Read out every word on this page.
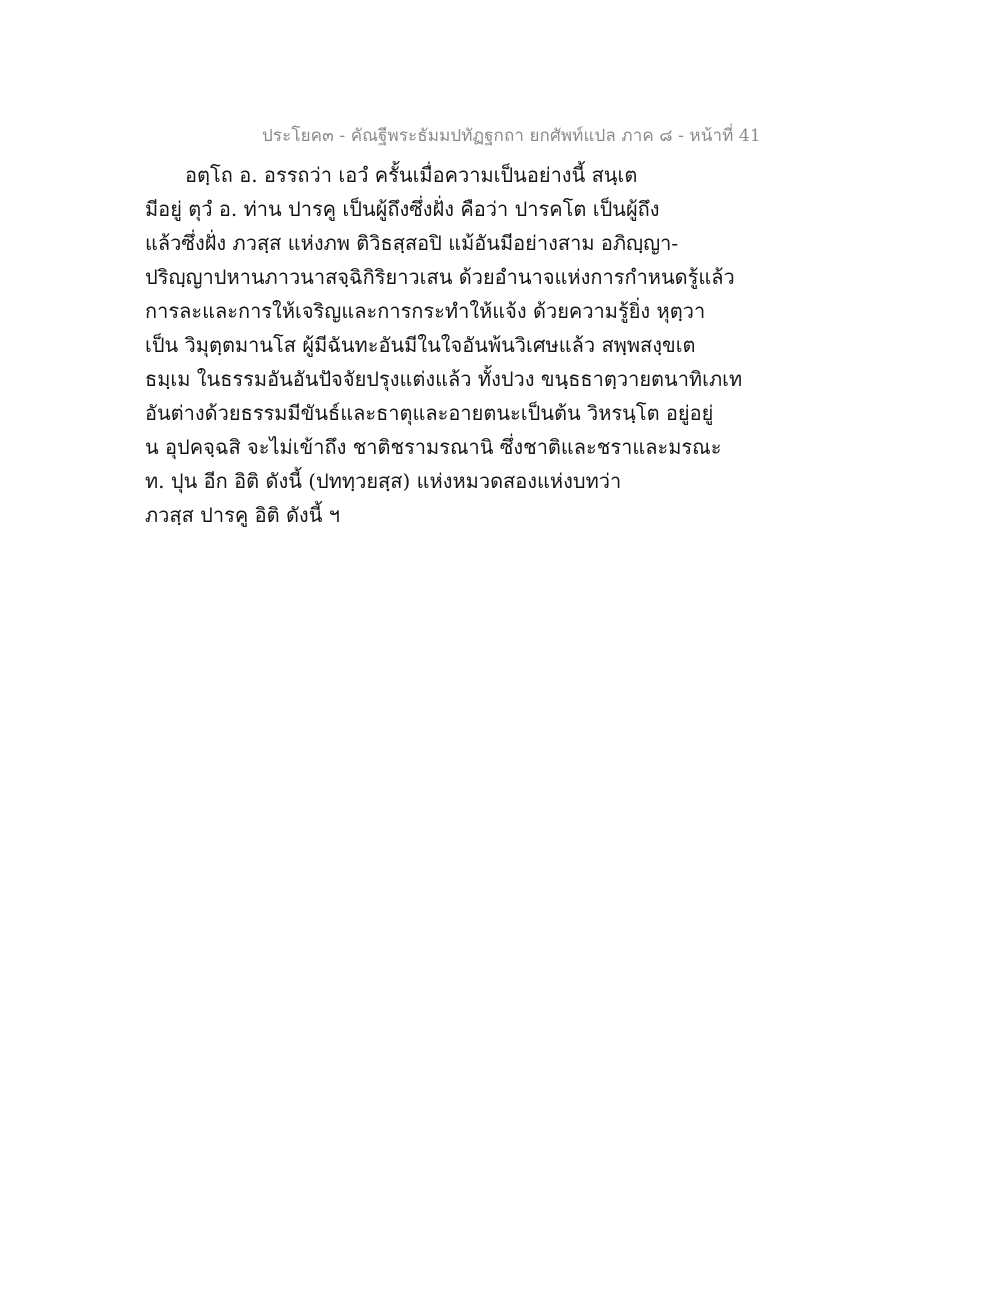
ประโยค๓ - คัณฐีพระธัมมปทัฏฐกถา ยกศัพท์แปล ภาค ๘ - หน้าที่ 41
อตฺโถ อ. อรรถว่า เอวํ ครั้นเมื่อความเป็นอย่างนี้ สนฺเต
มีอยู่ ตุวํ อ. ท่าน ปารคู เป็นผู้ถึงซึ่งฝั่ง คือว่า ปารคโต เป็นผู้ถึง
แล้วซึ่งฝั่ง ภวสฺส แห่งภพ ติวิธสฺสอปิ แม้อันมีอย่างสาม อภิญฺญา-
ปริญฺญาปหานภาวนาสจฺฉิกิริยาวเสน ด้วยอำนาจแห่งการกำหนดรู้แล้ว
การละและการให้เจริญและการกระทำให้แจ้ง ด้วยความรู้ยิ่ง หุตฺวา
เป็น วิมุตฺตมานโส ผู้มีฉันทะอันมีในใจอันพ้นวิเศษแล้ว สพฺพสงฺขเต
ธมฺเม ในธรรมอันอันปัจจัยปรุงแต่งแล้ว ทั้งปวง ขนฺธธาตฺวายตนาทิเภเท
อันต่างด้วยธรรมมีขันธ์และธาตุและอายตนะเป็นต้น วิหรนฺโต อยู่อยู่
น อุปคจฺฉสิ จะไม่เข้าถึง ชาติชรามรณานิ ซึ่งชาติและชราและมรณะ
ท. ปุน อีก อิติ ดังนี้ (ปททฺวยสฺส) แห่งหมวดสองแห่งบทว่า
ภวสฺส ปารคู อิติ ดังนี้ ฯ
